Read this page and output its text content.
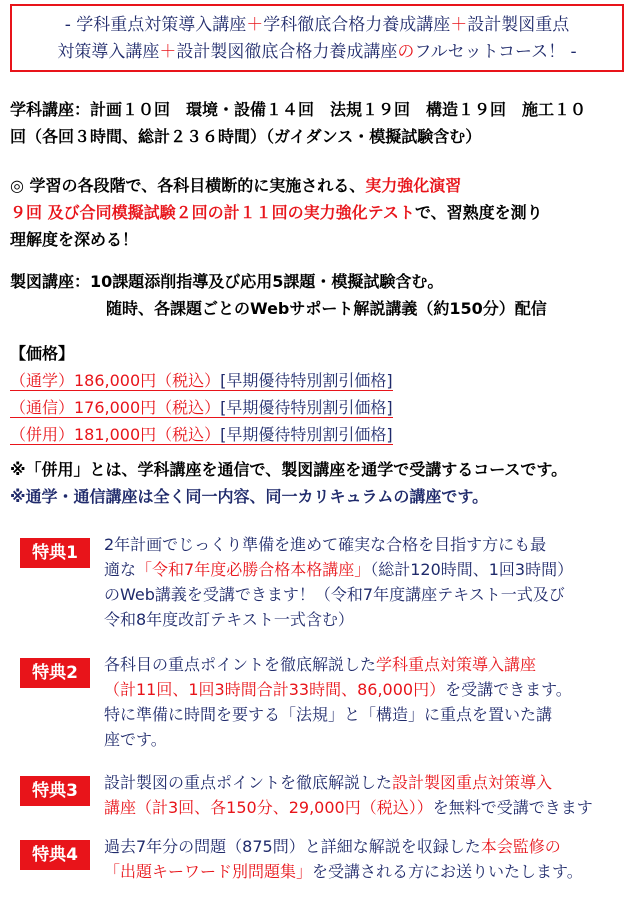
- 学科重点対策導入講座＋学科徹底合格力養成講座＋設計製図重点
対策導入講座＋設計製図徹底合格力養成講座のフルセットコース！ -
学科講座：計画１０回　環境・設備１４回　法規１９回　構造１９回　施工１０
回（各回３時間、総計２３６時間）（ガイダンス・模擬試験含む）
◎ 学習の各段階で、各科目横断的に実施される、実力強化演習
９回 及び合同模擬試験２回の計１１回の実力強化テストで、習熟度を測り
理解度を深める！
製図講座：10課題添削指導及び応用5課題・模擬試験含む。
随時、各課題ごとのWebサポート解説講義（約150分）配信
【価格】
（通学）186,000円（税込）[早期優待特別割引価格]
（通信）176,000円（税込）[早期優待特別割引価格]
（併用）181,000円（税込）[早期優待特別割引価格]
※「併用」とは、学科講座を通信で、製図講座を通学で受講するコースです。
※通学・通信講座は全く同一内容、同一カリキュラムの講座です。
特典1	2年計画でじっくり準備を進めて確実な合格を目指す方にも最
適な「令和7年度必勝合格本格講座」（総計120時間、1回3時間）
のWeb講義を受講できます！（令和7年度講座テキスト一式及び
令和8年度改訂テキスト一式含む）
特典2	各科目の重点ポイントを徹底解説した学科重点対策導入講座
（計11回、1回3時間合計33時間、86,000円）を受講できます。
特に準備に時間を要する「法規」と「構造」に重点を置いた講
座です。
特典3	設計製図の重点ポイントを徹底解説した設計製図重点対策導入
講座（計3回、各150分、29,000円（税込））を無料で受講できます
特典4	過去7年分の問題（875問）と詳細な解説を収録した本会監修の
「出題キーワード別問題集」を受講される方にお送りいたします。
